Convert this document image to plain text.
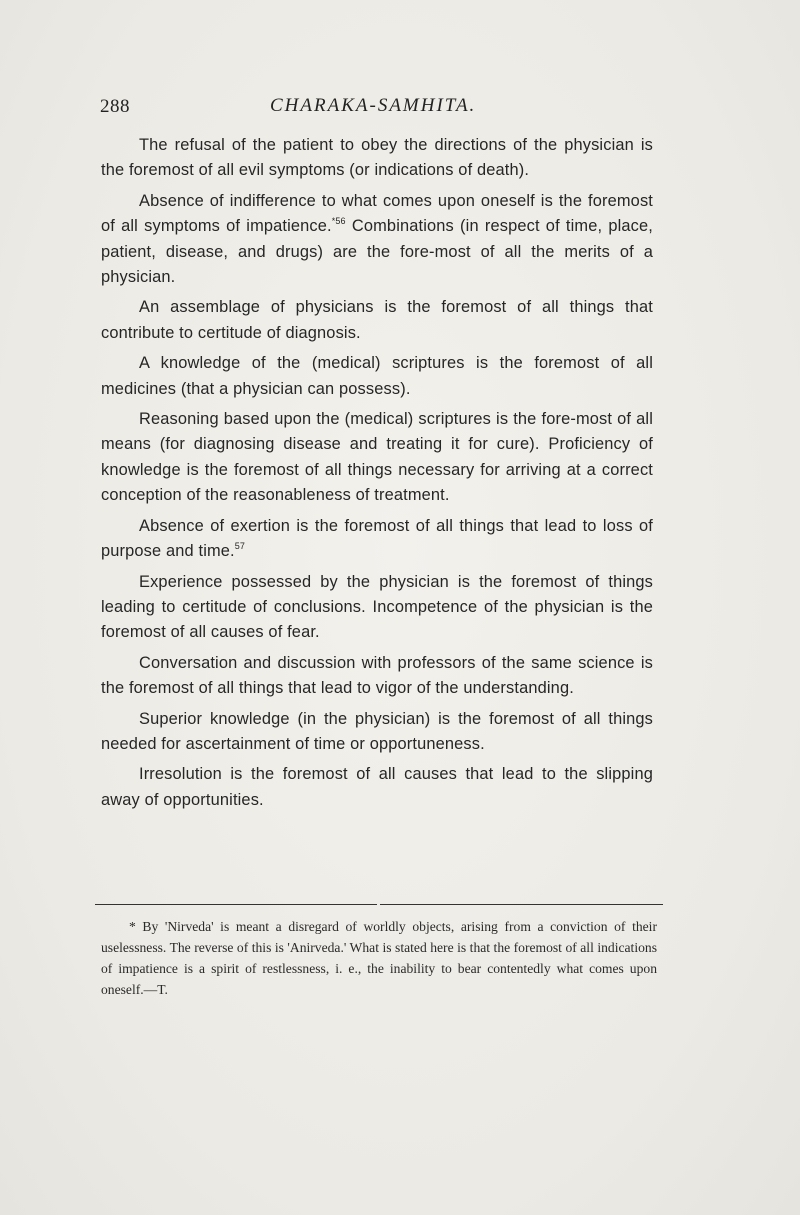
288	CHARAKA-SAMHITA.

The refusal of the patient to obey the directions of the physician is the foremost of all evil symptoms (or indications of death).

Absence of indifference to what comes upon oneself is the foremost of all symptoms of impatience.$^{*56}$ Combinations (in respect of time, place, patient, disease, and drugs) are the fore-most of all the merits of a physician.

An assemblage of physicians is the foremost of all things that contribute to certitude of diagnosis.

A knowledge of the (medical) scriptures is the foremost of all medicines (that a physician can possess).

Reasoning based upon the (medical) scriptures is the fore-most of all means (for diagnosing disease and treating it for cure). Proficiency of knowledge is the foremost of all things necessary for arriving at a correct conception of the reasonableness of treatment.

Absence of exertion is the foremost of all things that lead to loss of purpose and time.$^{57}$

Experience possessed by the physician is the foremost of things leading to certitude of conclusions. Incompetence of the physician is the foremost of all causes of fear.

Conversation and discussion with professors of the same science is the foremost of all things that lead to vigor of the understanding.

Superior knowledge (in the physician) is the foremost of all things needed for ascertainment of time or opportuneness.

Irresolution is the foremost of all causes that lead to the slipping away of opportunities.

* By 'Nirveda' is meant a disregard of worldly objects, arising from a conviction of their uselessness. The reverse of this is 'Anirveda.' What is stated here is that the foremost of all indications of impatience is a spirit of restlessness, i. e., the inability to bear contentedly what comes upon oneself.—T.
